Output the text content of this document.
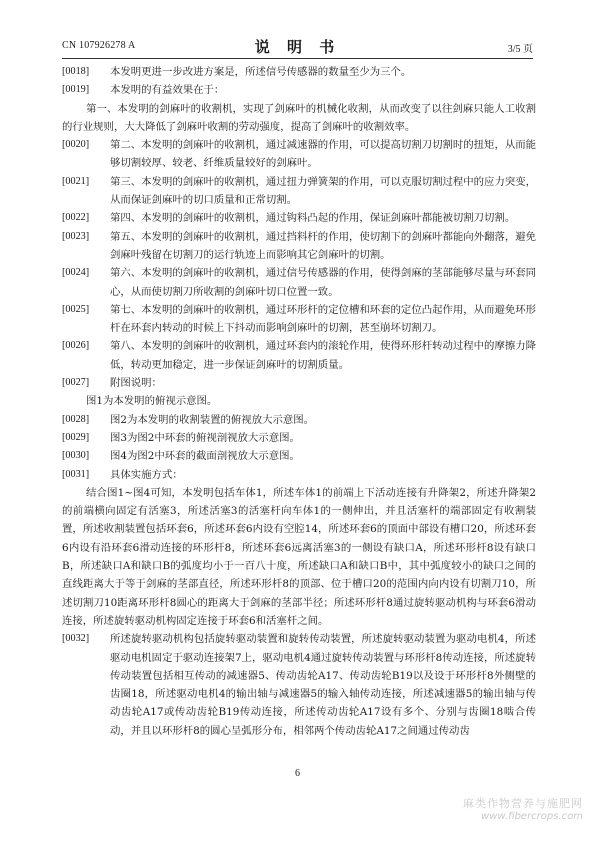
CN 107926278 A	说 明 书	3/5 页
[0018]	本发明更进一步改进方案是，所述信号传感器的数量至少为三个。
[0019]	本发明的有益效果在于：
第一、本发明的剑麻叶的收割机，实现了剑麻叶的机械化收割，从而改变了以往剑麻只能人工收割的行业规则，大大降低了剑麻叶收割的劳动强度，提高了剑麻叶的收割效率。
[0020]	第二、本发明的剑麻叶的收割机，通过减速器的作用，可以提高切割刀切割时的扭矩，从而能够切割较厚、较老、纤维质量较好的剑麻叶。
[0021]	第三、本发明的剑麻叶的收割机，通过扭力弹簧架的作用，可以克服切割过程中的应力突变，从而保证剑麻叶的切口质量和正常切割。
[0022]	第四、本发明的剑麻叶的收割机，通过钩料凸起的作用，保证剑麻叶都能被切割刀切割。
[0023]	第五、本发明的剑麻叶的收割机，通过挡料杆的作用，使切割下的剑麻叶都能向外翻落，避免剑麻叶残留在切割刀的运行轨迹上而影响其它剑麻叶的切割。
[0024]	第六、本发明的剑麻叶的收割机，通过信号传感器的作用，使得剑麻的茎部能够尽量与环套同心，从而使切割刀所收割的剑麻叶切口位置一致。
[0025]	第七、本发明的剑麻叶的收割机，通过环形杆的定位槽和环套的定位凸起作用，从而避免环形杆在环套内转动的时候上下抖动而影响剑麻叶的切割，甚至崩坏切割刀。
[0026]	第八、本发明的剑麻叶的收割机，通过环套内的滚轮作用，使得环形杆转动过程中的摩擦力降低，转动更加稳定，进一步保证剑麻叶的切割质量。
[0027]	附图说明：
图1为本发明的俯视示意图。
[0028]	图2为本发明的收割装置的俯视放大示意图。
[0029]	图3为图2中环套的俯视剖视放大示意图。
[0030]	图4为图2中环套的截面剖视放大示意图。
[0031]	具体实施方式：
结合图1~图4可知，本发明包括车体1，所述车体1的前端上下活动连接有升降架2，所述升降架2的前端横向固定有活塞3，所述活塞3的活塞杆向车体1的一侧伸出，并且活塞杆的端部固定有收割装置，所述收割装置包括环套6，所述环套6内设有空腔14，所述环套6的顶面中部设有槽口20，所述环套6内设有沿环套6滑动连接的环形杆8，所述环套6远离活塞3的一侧设有缺口A，所述环形杆8设有缺口B，所述缺口A和缺口B的弧度均小于一百八十度，所述缺口A和缺口B中，其中弧度较小的缺口之间的直线距离大于等于剑麻的茎部直径，所述环形杆8的顶部、位于槽口20的范围内向内设有切割刀10，所述切割刀10距离环形杆8圆心的距离大于剑麻的茎部半径；所述环形杆8通过旋转驱动机构与环套6滑动连接，所述旋转驱动机构固定连接于环套6和活塞杆之间。
[0032]	所述旋转驱动机构包括旋转驱动装置和旋转传动装置，所述旋转驱动装置为驱动电机4，所述驱动电机固定于驱动连接架7上，驱动电机4通过旋转传动装置与环形杆8传动连接，所述旋转传动装置包括相互传动的减速器5、传动齿轮A17、传动齿轮B19以及设于环形杆8外侧壁的齿圈18，所述驱动电机4的输出轴与减速器5的输入轴传动连接，所述减速器5的输出轴与传动齿轮A17或传动齿轮B19传动连接，所述传动齿轮A17设有多个、分别与齿圈18啮合传动，并且以环形杆8的圆心呈弧形分布，相邻两个传动齿轮A17之间通过传动齿
6
麻类作物营养与施肥网
www.fibercrops.com
